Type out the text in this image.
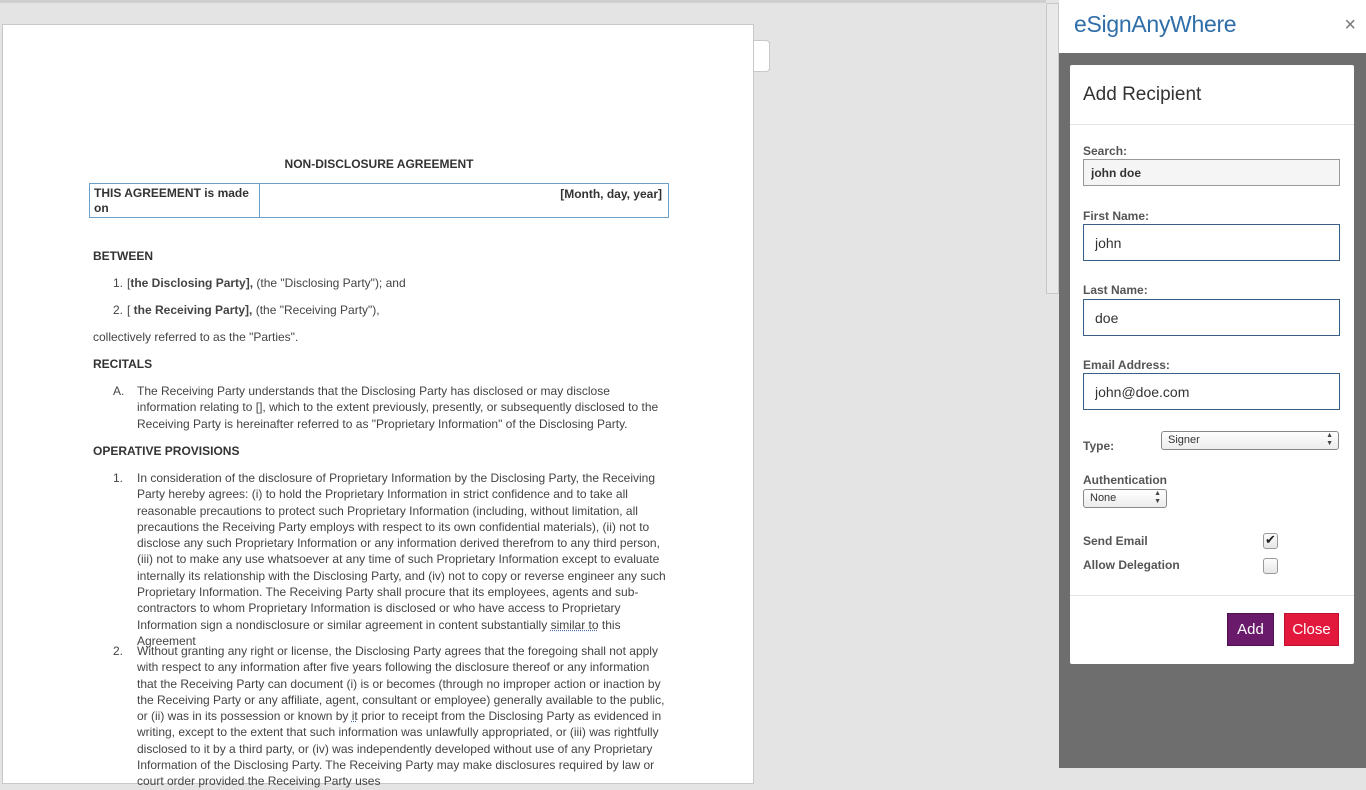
NON-DISCLOSURE AGREEMENT
THIS AGREEMENT is made on
[Month, day, year]
BETWEEN
1. [the Disclosing Party], (the "Disclosing Party"); and
2. [ the Receiving Party], (the "Receiving Party"),
collectively referred to as the "Parties".
RECITALS
A. The Receiving Party understands that the Disclosing Party has disclosed or may disclose information relating to [], which to the extent previously, presently, or subsequently disclosed to the Receiving Party is hereinafter referred to as "Proprietary Information" of the Disclosing Party.
OPERATIVE PROVISIONS
1. In consideration of the disclosure of Proprietary Information by the Disclosing Party, the Receiving Party hereby agrees: (i) to hold the Proprietary Information in strict confidence and to take all reasonable precautions to protect such Proprietary Information (including, without limitation, all precautions the Receiving Party employs with respect to its own confidential materials), (ii) not to disclose any such Proprietary Information or any information derived therefrom to any third person, (iii) not to make any use whatsoever at any time of such Proprietary Information except to evaluate internally its relationship with the Disclosing Party, and (iv) not to copy or reverse engineer any such Proprietary Information. The Receiving Party shall procure that its employees, agents and sub-contractors to whom Proprietary Information is disclosed or who have access to Proprietary Information sign a nondisclosure or similar agreement in content substantially similar to this Agreement
2. Without granting any right or license, the Disclosing Party agrees that the foregoing shall not apply with respect to any information after five years following the disclosure thereof or any information that the Receiving Party can document (i) is or becomes (through no improper action or inaction by the Receiving Party or any affiliate, agent, consultant or employee) generally available to the public, or (ii) was in its possession or known by it prior to receipt from the Disclosing Party as evidenced in writing, except to the extent that such information was unlawfully appropriated, or (iii) was rightfully disclosed to it by a third party, or (iv) was independently developed without use of any Proprietary Information of the Disclosing Party. The Receiving Party may make disclosures required by law or court order provided the Receiving Party uses
eSignAnyWhere	×
Add Recipient
Search:
john doe
First Name:
john
Last Name:
doe
Email Address:
john@doe.com
Type:	Signer	▲
▼
Authentication
None	▲
▼
Send Email	✔
Allow Delegation
Add	Close
